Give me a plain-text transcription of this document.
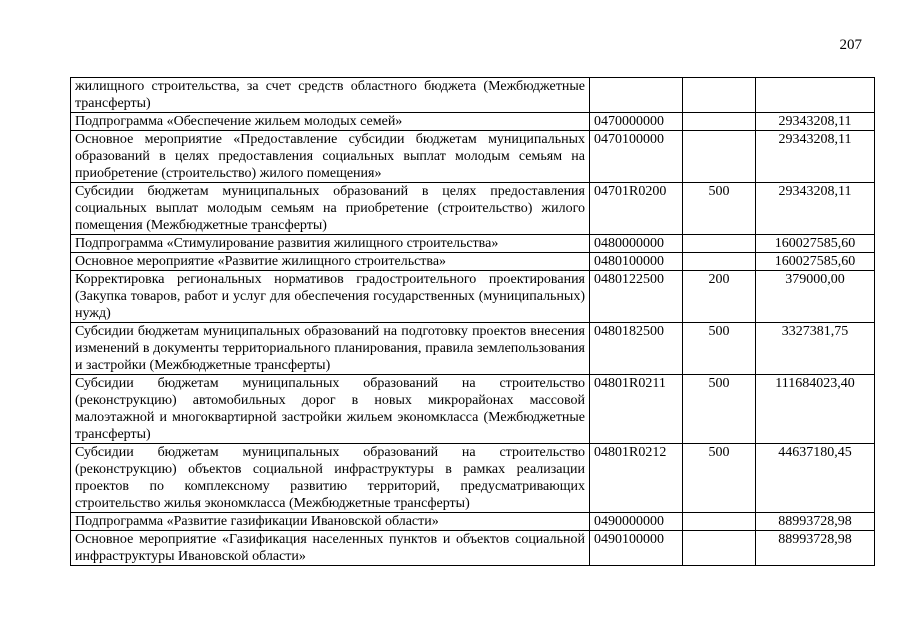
207
жилищного строительства, за счет средств областного бюджета (Межбюджетные трансферты)			
Подпрограмма «Обеспечение жильем молодых семей»	0470000000		29343208,11
Основное мероприятие «Предоставление субсидии бюджетам муниципальных образований в целях предоставления социальных выплат молодым семьям на приобретение (строительство) жилого помещения»	0470100000		29343208,11
Субсидии бюджетам муниципальных образований в целях предоставления социальных выплат молодым семьям на приобретение (строительство) жилого помещения (Межбюджетные трансферты)	04701R0200	500	29343208,11
Подпрограмма «Стимулирование развития жилищного строительства»	0480000000		160027585,60
Основное мероприятие «Развитие жилищного строительства»	0480100000		160027585,60
Корректировка региональных нормативов градостроительного проектирования (Закупка товаров, работ и услуг для обеспечения государственных (муниципальных) нужд)	0480122500	200	379000,00
Субсидии бюджетам муниципальных образований на подготовку проектов внесения изменений в документы территориального планирования, правила землепользования и застройки (Межбюджетные трансферты)	0480182500	500	3327381,75
Субсидии бюджетам муниципальных образований на строительство (реконструкцию) автомобильных дорог в новых микрорайонах массовой малоэтажной и многоквартирной застройки жильем экономкласса (Межбюджетные трансферты)	04801R0211	500	111684023,40
Субсидии бюджетам муниципальных образований на строительство (реконструкцию) объектов социальной инфраструктуры в рамках реализации проектов по комплексному развитию территорий, предусматривающих строительство жилья экономкласса (Межбюджетные трансферты)	04801R0212	500	44637180,45
Подпрограмма «Развитие газификации Ивановской области»	0490000000		88993728,98
Основное мероприятие «Газификация населенных пунктов и объектов социальной инфраструктуры Ивановской области»	0490100000		88993728,98
